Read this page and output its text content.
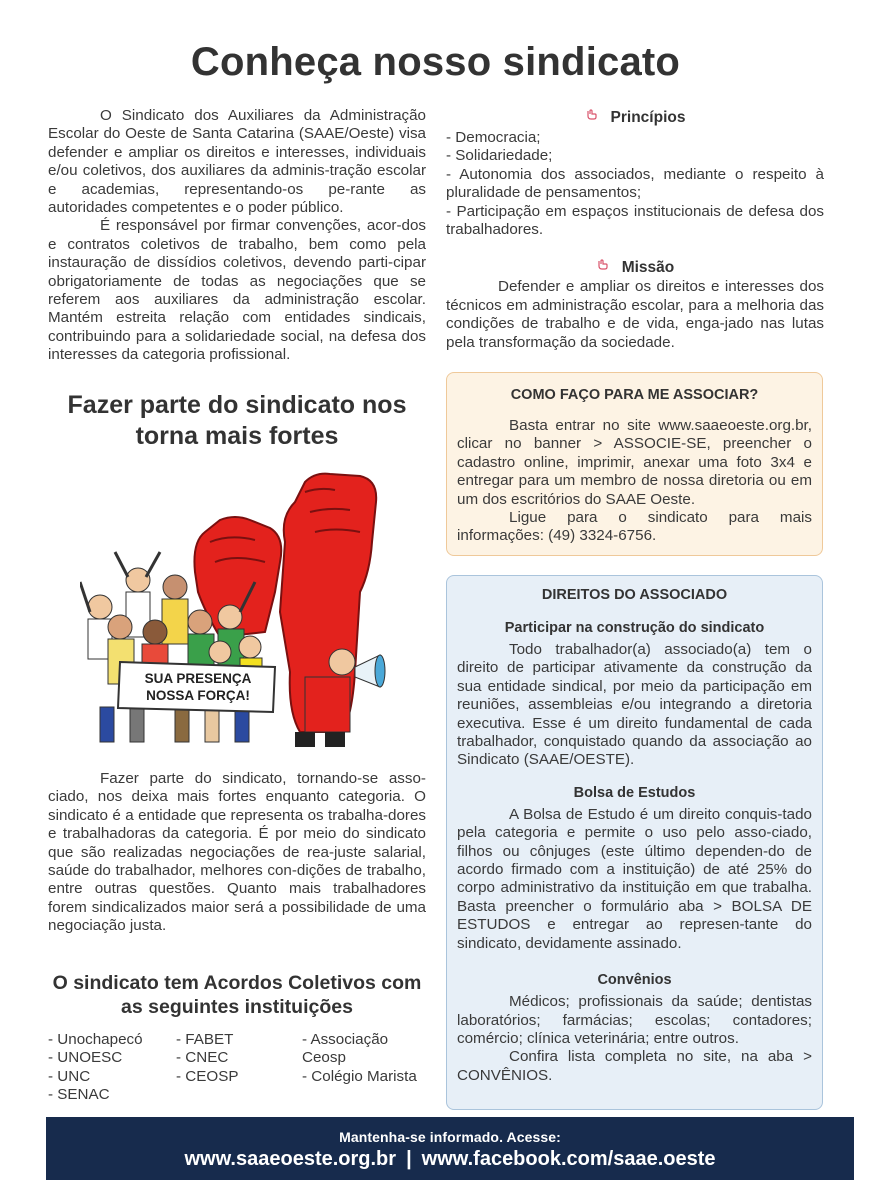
Conheça nosso sindicato

O Sindicato dos Auxiliares da Administração Escolar do Oeste de Santa Catarina (SAAE/Oeste) visa defender e ampliar os direitos e interesses, individuais e/ou coletivos, dos auxiliares da adminis-tração escolar e academias, representando-os pe-rante as autoridades competentes e o poder público.

É responsável por firmar convenções, acor-dos e contratos coletivos de trabalho, bem como pela instauração de dissídios coletivos, devendo parti-cipar obrigatoriamente de todas as negociações que se referem aos auxiliares da administração escolar. Mantém estreita relação com entidades sindicais, contribuindo para a solidariedade social, na defesa dos interesses da categoria profissional.

Princípios
- Democracia;
- Solidariedade;
- Autonomia dos associados, mediante o respeito à pluralidade de pensamentos;
- Participação em espaços institucionais de defesa dos trabalhadores.
Missão

Defender e ampliar os direitos e interesses dos técnicos em administração escolar, para a melhoria das condições de trabalho e de vida, enga-jado nas lutas pela transformação da sociedade.

Fazer parte do sindicato nos torna mais fortes
SUA PRESENÇA NOSSA FORÇA!

Fazer parte do sindicato, tornando-se asso-ciado, nos deixa mais fortes enquanto categoria. O sindicato é a entidade que representa os trabalha-dores e trabalhadoras da categoria. É por meio do sindicato que são realizadas negociações de rea-juste salarial, saúde do trabalhador, melhores con-dições de trabalho, entre outras questões. Quanto mais trabalhadores forem sindicalizados maior será a possibilidade de uma negociação justa.

O sindicato tem Acordos Coletivos com as seguintes instituições
- Unochapecó
- UNOESC
- UNC
- SENAC
- FABET
- CNEC
- CEOSP
- Associação Ceosp
- Colégio Marista
COMO FAÇO PARA ME ASSOCIAR?

Basta entrar no site www.saaeoeste.org.br, clicar no banner > ASSOCIE-SE, preencher o cadastro online, imprimir, anexar uma foto 3x4 e entregar para um membro de nossa diretoria ou em um dos escritórios do SAAE Oeste.

Ligue para o sindicato para mais informações: (49) 3324-6756.

DIREITOS DO ASSOCIADO
Participar na construção do sindicato

Todo trabalhador(a) associado(a) tem o direito de participar ativamente da construção da sua entidade sindical, por meio da participação em reuniões, assembleias e/ou integrando a diretoria executiva. Esse é um direito fundamental de cada trabalhador, conquistado quando da associação ao Sindicato (SAAE/OESTE).

Bolsa de Estudos

A Bolsa de Estudo é um direito conquis-tado pela categoria e permite o uso pelo asso-ciado, filhos ou cônjuges (este último dependen-do de acordo firmado com a instituição) de até 25% do corpo administrativo da instituição em que trabalha. Basta preencher o formulário aba > BOLSA DE ESTUDOS e entregar ao represen-tante do sindicato, devidamente assinado.

Convênios

Médicos; profissionais da saúde; dentistas laboratórios; farmácias; escolas; contadores; comércio; clínica veterinária; entre outros.

Confira lista completa no site, na aba > CONVÊNIOS.

Mantenha-se informado. Acesse:
www.saaeoeste.org.br | www.facebook.com/saae.oeste
